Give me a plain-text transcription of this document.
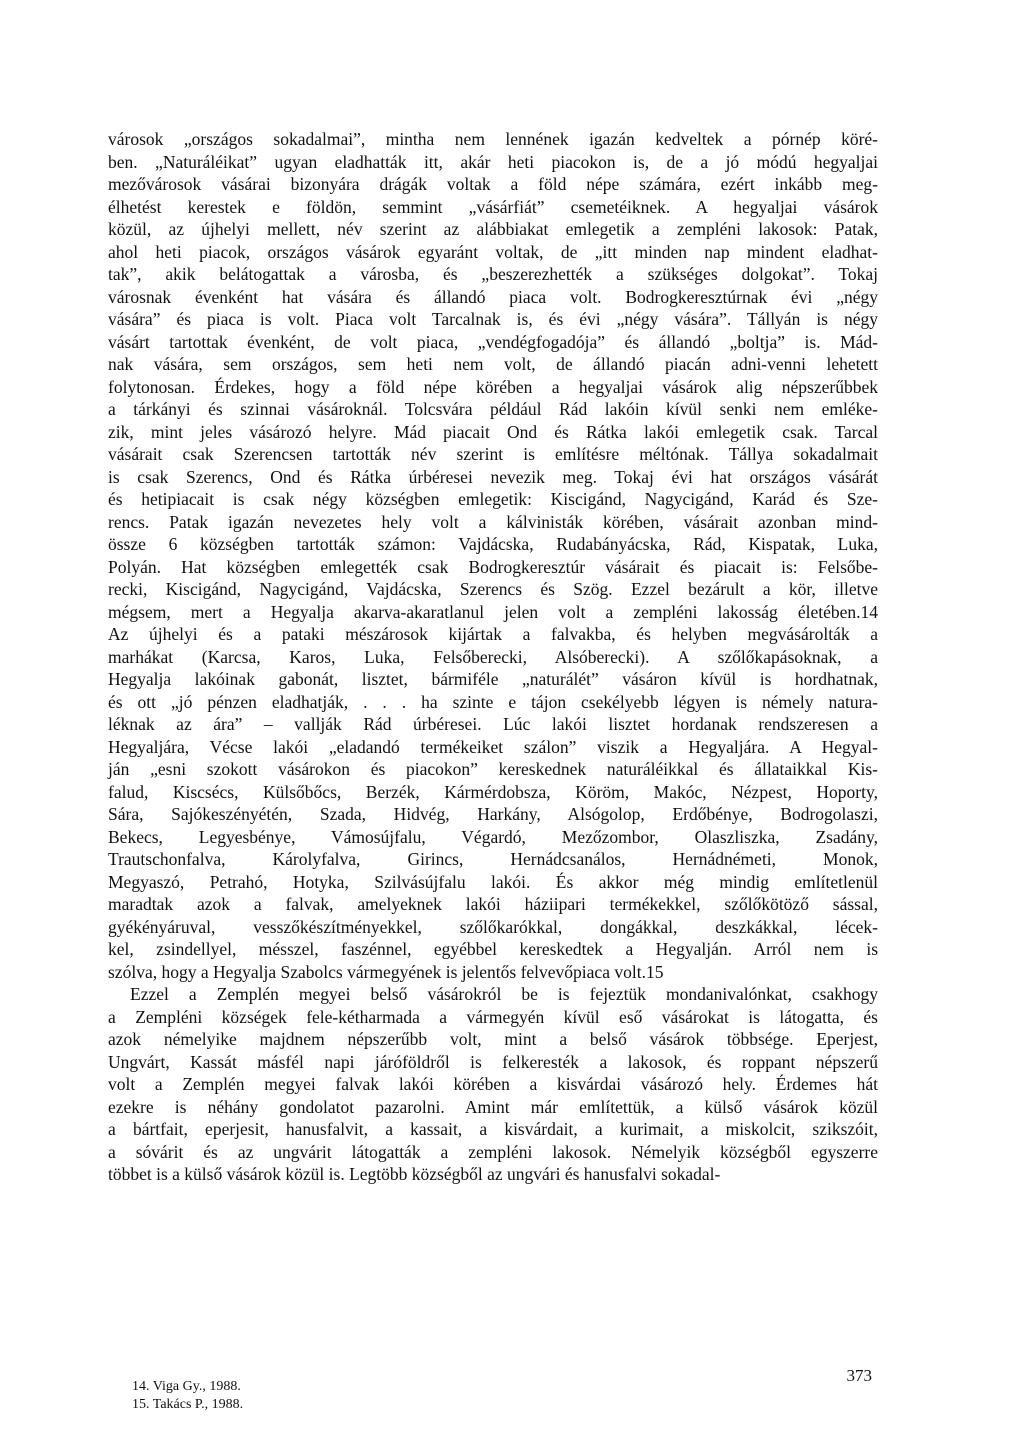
városok „országos sokadalmai”, mintha nem lennének igazán kedveltek a pórnép köré-
ben. „Naturáléikat” ugyan eladhatták itt, akár heti piacokon is, de a jó módú hegyaljai
mezővárosok vásárai bizonyára drágák voltak a föld népe számára, ezért inkább meg-
élhetést kerestek e földön, semmint „vásárfiát” csemetéiknek. A hegyaljai vásárok
közül, az újhelyi mellett, név szerint az alábbiakat emlegetik a zempléni lakosok: Patak,
ahol heti piacok, országos vásárok egyaránt voltak, de „itt minden nap mindent eladhat-
tak”, akik belátogattak a városba, és „beszerezhették a szükséges dolgokat”. Tokaj
városnak évenként hat vására és állandó piaca volt. Bodrogkeresztúrnak évi „négy
vására” és piaca is volt. Piaca volt Tarcalnak is, és évi „négy vására”. Tállyán is négy
vásárt tartottak évenként, de volt piaca, „vendégfogadója” és állandó „boltja” is. Mád-
nak vására, sem országos, sem heti nem volt, de állandó piacán adni-venni lehetett
folytonosan. Érdekes, hogy a föld népe körében a hegyaljai vásárok alig népszerűbbek
a tárkányi és szinnai vásároknál. Tolcsvára például Rád lakóin kívül senki nem emléke-
zik, mint jeles vásározó helyre. Mád piacait Ond és Rátka lakói emlegetik csak. Tarcal
vásárait csak Szerencsen tartották név szerint is említésre méltónak. Tállya sokadalmait
is csak Szerencs, Ond és Rátka úrbéresei nevezik meg. Tokaj évi hat országos vásárát
és hetipiacait is csak négy községben emlegetik: Kiscigánd, Nagycigánd, Karád és Sze-
rencs. Patak igazán nevezetes hely volt a kálvinisták körében, vásárait azonban mind-
össze 6 községben tartották számon: Vajdácska, Rudabányácska, Rád, Kispatak, Luka,
Polyán. Hat községben emlegették csak Bodrogkeresztúr vásárait és piacait is: Felsőbe-
recki, Kiscigánd, Nagycigánd, Vajdácska, Szerencs és Szög. Ezzel bezárult a kör, illetve
mégsem, mert a Hegyalja akarva-akaratlanul jelen volt a zempléni lakosság életében.14
Az újhelyi és a pataki mészárosok kijártak a falvakba, és helyben megvásárolták a
marhákat (Karcsa, Karos, Luka, Felsőberecki, Alsóberecki). A szőlőkapásoknak, a
Hegyalja lakóinak gabonát, lisztet, bármiféle „naturálét” vásáron kívül is hordhatnak,
és ott „jó pénzen eladhatják, . . . ha szinte e tájon csekélyebb légyen is némely natura-
léknak az ára” – vallják Rád úrbéresei. Lúc lakói lisztet hordanak rendszeresen a
Hegyaljára, Vécse lakói „eladandó termékeiket szálon” viszik a Hegyaljára. A Hegyal-
ján „esni szokott vásárokon és piacokon” kereskednek naturáléikkal és állataikkal Kis-
falud, Kiscsécs, Külsőbőcs, Berzék, Kármérdobsza, Köröm, Makóc, Nézpest, Hoporty,
Sára, Sajókeszényétén, Szada, Hidvég, Harkány, Alsógolop, Erdőbénye, Bodrogolaszi,
Bekecs, Legyesbénye, Vámosújfalu, Végardó, Mezőzombor, Olaszliszka, Zsadány,
Trautschonfalva, Károlyfalva, Girincs, Hernádcsanálos, Hernádnémeti, Monok,
Megyaszó, Petrahó, Hotyka, Szilvásújfalu lakói. És akkor még mindig említetlenül
maradtak azok a falvak, amelyeknek lakói háziipari termékekkel, szőlőkötöző sással,
gyékényáruval, vesszőkészítményekkel, szőlőkarókkal, dongákkal, deszkákkal, lécek-
kel, zsindellyel, mésszel, faszénnel, egyébbel kereskedtek a Hegyalján. Arról nem is
szólva, hogy a Hegyalja Szabolcs vármegyének is jelentős felvevőpiaca volt.15
Ezzel a Zemplén megyei belső vásárokról be is fejeztük mondanivalónkat, csakhogy
a Zempléni községek fele-kétharmada a vármegyén kívül eső vásárokat is látogatta, és
azok némelyike majdnem népszerűbb volt, mint a belső vásárok többsége. Eperjest,
Ungvárt, Kassát másfél napi járóföldről is felkeresték a lakosok, és roppant népszerű
volt a Zemplén megyei falvak lakói körében a kisvárdai vásározó hely. Érdemes hát
ezekre is néhány gondolatot pazarolni. Amint már említettük, a külső vásárok közül
a bártfait, eperjesit, hanusfalvit, a kassait, a kisvárdait, a kurimait, a miskolcit, szikszóit,
a sóvárit és az ungvárit látogatták a zempléni lakosok. Némelyik községből egyszerre
többet is a külső vásárok közül is. Legtöbb községből az ungvári és hanusfalvi sokadal-
14. Viga Gy., 1988.
15. Takács P., 1988.
373
